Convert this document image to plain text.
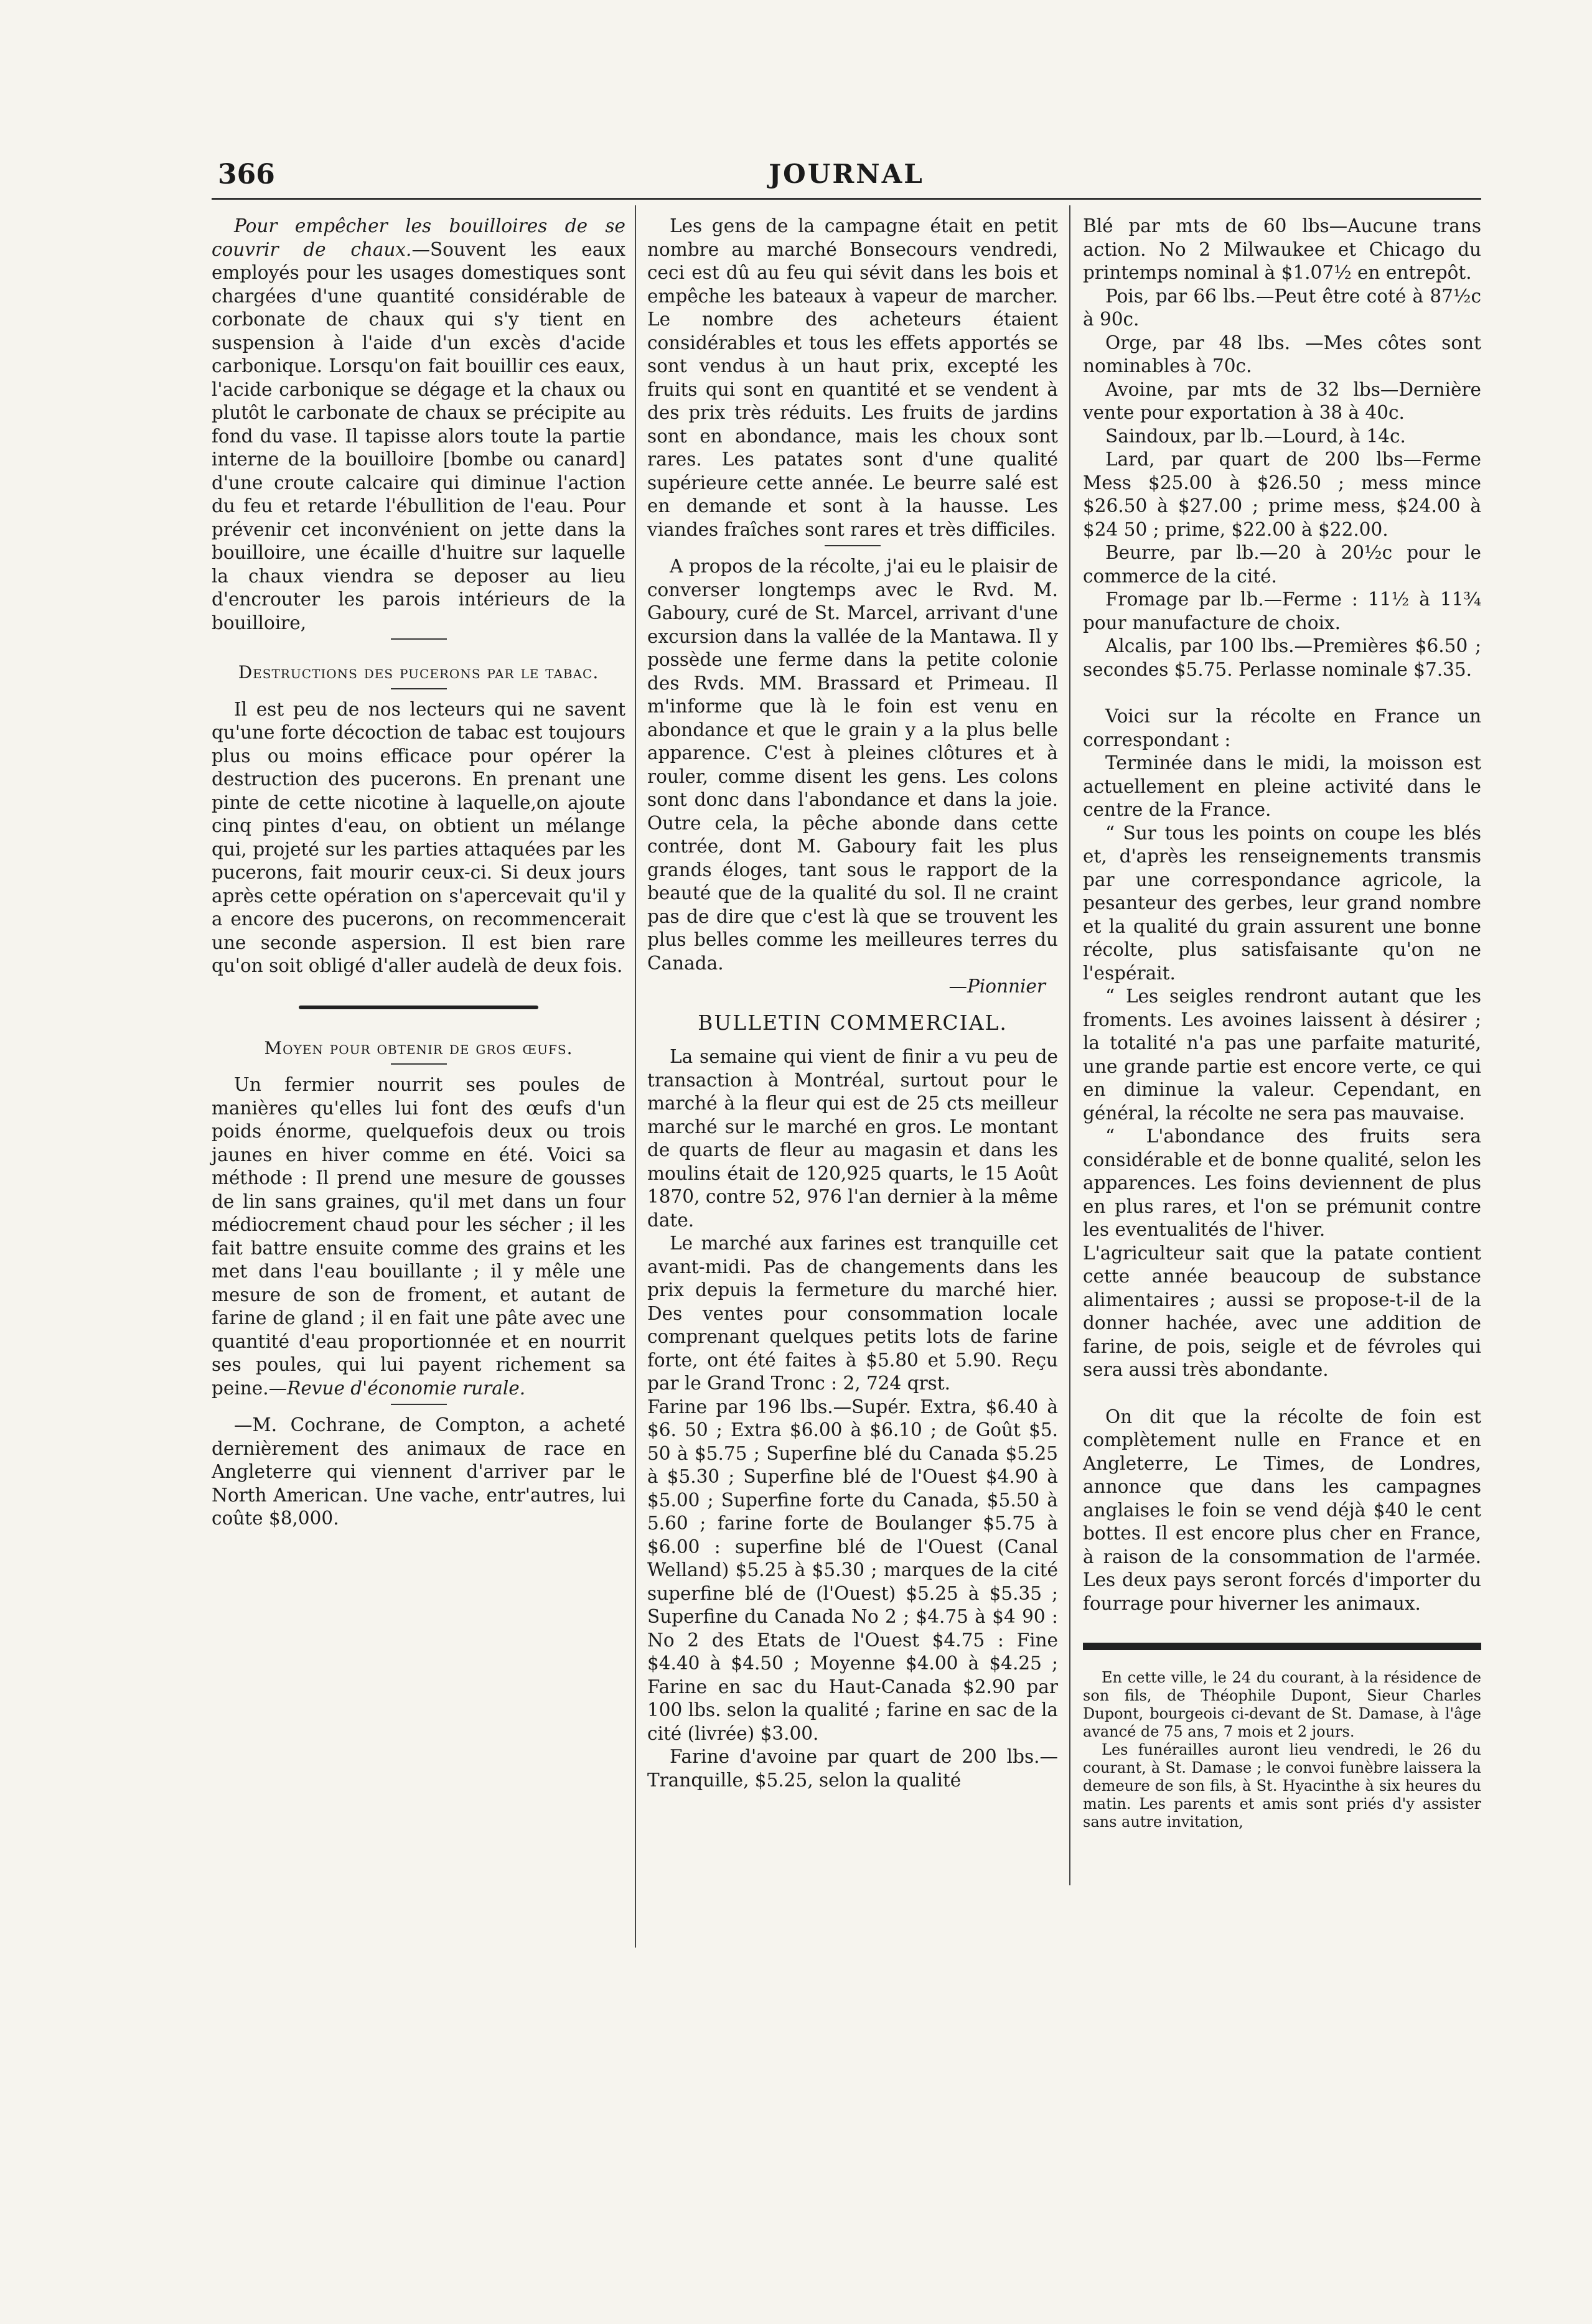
366	JOURNAL

Pour empêcher les bouilloires de se couvrir de chaux.—Souvent les eaux employés pour les usages domestiques sont chargées d'une quantité considérable de corbonate de chaux qui s'y tient en suspension à l'aide d'un excès d'acide carbonique. Lorsqu'on fait bouillir ces eaux, l'acide carbonique se dégage et la chaux ou plutôt le carbonate de chaux se précipite au fond du vase. Il tapisse alors toute la partie interne de la bouilloire [bombe ou canard] d'une croute calcaire qui diminue l'action du feu et retarde l'ébullition de l'eau. Pour prévenir cet inconvénient on jette dans la bouilloire, une écaille d'huitre sur laquelle la chaux viendra se deposer au lieu d'encrouter les parois intérieurs de la bouilloire,

Destructions des pucerons par le tabac.

Il est peu de nos lecteurs qui ne savent qu'une forte décoction de tabac est toujours plus ou moins efficace pour opérer la destruction des pucerons. En prenant une pinte de cette nicotine à laquelle,on ajoute cinq pintes d'eau, on obtient un mélange qui, projeté sur les parties attaquées par les pucerons, fait mourir ceux-ci. Si deux jours après cette opération on s'apercevait qu'il y a encore des pucerons, on recommencerait une seconde aspersion. Il est bien rare qu'on soit obligé d'aller audelà de deux fois.

Moyen pour obtenir de gros œufs.

Un fermier nourrit ses poules de manières qu'elles lui font des œufs d'un poids énorme, quelquefois deux ou trois jaunes en hiver comme en été. Voici sa méthode : Il prend une mesure de gousses de lin sans graines, qu'il met dans un four médiocrement chaud pour les sécher ; il les fait battre ensuite comme des grains et les met dans l'eau bouillante ; il y mêle une mesure de son de froment, et autant de farine de gland ; il en fait une pâte avec une quantité d'eau proportionnée et en nourrit ses poules, qui lui payent richement sa peine.—Revue d'économie rurale.

—M. Cochrane, de Compton, a acheté dernièrement des animaux de race en Angleterre qui viennent d'arriver par le North American. Une vache, entr'autres, lui coûte $8,000.

Les gens de la campagne était en petit nombre au marché Bonsecours vendredi, ceci est dû au feu qui sévit dans les bois et empêche les bateaux à vapeur de marcher. Le nombre des acheteurs étaient considérables et tous les effets apportés se sont vendus à un haut prix, excepté les fruits qui sont en quantité et se vendent à des prix très réduits. Les fruits de jardins sont en abondance, mais les choux sont rares. Les patates sont d'une qualité supérieure cette année. Le beurre salé est en demande et sont à la hausse. Les viandes fraîches sont rares et très difficiles.

A propos de la récolte, j'ai eu le plaisir de converser longtemps avec le Rvd. M. Gaboury, curé de St. Marcel, arrivant d'une excursion dans la vallée de la Mantawa. Il y possède une ferme dans la petite colonie des Rvds. MM. Brassard et Primeau. Il m'informe que là le foin est venu en abondance et que le grain y a la plus belle apparence. C'est à pleines clôtures et à rouler, comme disent les gens. Les colons sont donc dans l'abondance et dans la joie. Outre cela, la pêche abonde dans cette contrée, dont M. Gaboury fait les plus grands éloges, tant sous le rapport de la beauté que de la qualité du sol. Il ne craint pas de dire que c'est là que se trouvent les plus belles comme les meilleures terres du Canada.

—Pionnier

BULLETIN COMMERCIAL.

La semaine qui vient de finir a vu peu de transaction à Montréal, surtout pour le marché à la fleur qui est de 25 cts meilleur marché sur le marché en gros. Le montant de quarts de fleur au magasin et dans les moulins était de 120,925 quarts, le 15 Août 1870, contre 52, 976 l'an dernier à la même date.

Le marché aux farines est tranquille cet avant-midi. Pas de changements dans les prix depuis la fermeture du marché hier. Des ventes pour consommation locale comprenant quelques petits lots de farine forte, ont été faites à $5.80 et 5.90. Reçu par le Grand Tronc : 2, 724 qrst.

Farine par 196 lbs.—Supér. Extra, $6.40 à $6. 50 ; Extra $6.00 à $6.10 ; de Goût $5. 50 à $5.75 ; Superfine blé du Canada $5.25 à $5.30 ; Superfine blé de l'Ouest $4.90 à $5.00 ; Superfine forte du Canada, $5.50 à 5.60 ; farine forte de Boulanger $5.75 à $6.00 : superfine blé de l'Ouest (Canal Welland) $5.25 à $5.30 ; marques de la cité superfine blé de (l'Ouest) $5.25 à $5.35 ; Superfine du Canada No 2 ; $4.75 à $4 90 : No 2 des Etats de l'Ouest $4.75 : Fine $4.40 à $4.50 ; Moyenne $4.00 à $4.25 ; Farine en sac du Haut-Canada $2.90 par 100 lbs. selon la qualité ; farine en sac de la cité (livrée) $3.00.

Farine d'avoine par quart de 200 lbs.—Tranquille, $5.25, selon la qualité

Blé par mts de 60 lbs—Aucune trans action. No 2 Milwaukee et Chicago du printemps nominal à $1.07½ en entrepôt.

Pois, par 66 lbs.—Peut être coté à 87½c à 90c.

Orge, par 48 lbs. —Mes côtes sont nominables à 70c.

Avoine, par mts de 32 lbs—Dernière vente pour exportation à 38 à 40c.

Saindoux, par lb.—Lourd, à 14c.

Lard, par quart de 200 lbs—Ferme Mess $25.00 à $26.50 ; mess mince $26.50 à $27.00 ; prime mess, $24.00 à $24 50 ; prime, $22.00 à $22.00.

Beurre, par lb.—20 à 20½c pour le commerce de la cité.

Fromage par lb.—Ferme : 11½ à 11¾ pour manufacture de choix.

Alcalis, par 100 lbs.—Premières $6.50 ; secondes $5.75. Perlasse nominale $7.35.

Voici sur la récolte en France un correspondant :

Terminée dans le midi, la moisson est actuellement en pleine activité dans le centre de la France.

“ Sur tous les points on coupe les blés et, d'après les renseignements transmis par une correspondance agricole, la pesanteur des gerbes, leur grand nombre et la qualité du grain assurent une bonne récolte, plus satisfaisante qu'on ne l'espérait.

“ Les seigles rendront autant que les froments. Les avoines laissent à désirer ; la totalité n'a pas une parfaite maturité, une grande partie est encore verte, ce qui en diminue la valeur. Cependant, en général, la récolte ne sera pas mauvaise.

“ L'abondance des fruits sera considérable et de bonne qualité, selon les apparences. Les foins deviennent de plus en plus rares, et l'on se prémunit contre les eventualités de l'hiver.

L'agriculteur sait que la patate contient cette année beaucoup de substance alimentaires ; aussi se propose-t-il de la donner hachée, avec une addition de farine, de pois, seigle et de févroles qui sera aussi très abondante.

On dit que la récolte de foin est complètement nulle en France et en Angleterre, Le Times, de Londres, annonce que dans les campagnes anglaises le foin se vend déjà $40 le cent bottes. Il est encore plus cher en France, à raison de la consommation de l'armée. Les deux pays seront forcés d'importer du fourrage pour hiverner les animaux.

En cette ville, le 24 du courant, à la résidence de son fils, de Théophile Dupont, Sieur Charles Dupont, bourgeois ci-devant de St. Damase, à l'âge avancé de 75 ans, 7 mois et 2 jours.

Les funérailles auront lieu vendredi, le 26 du courant, à St. Damase ; le convoi funèbre laissera la demeure de son fils, à St. Hyacinthe à six heures du matin. Les parents et amis sont priés d'y assister sans autre invitation,
